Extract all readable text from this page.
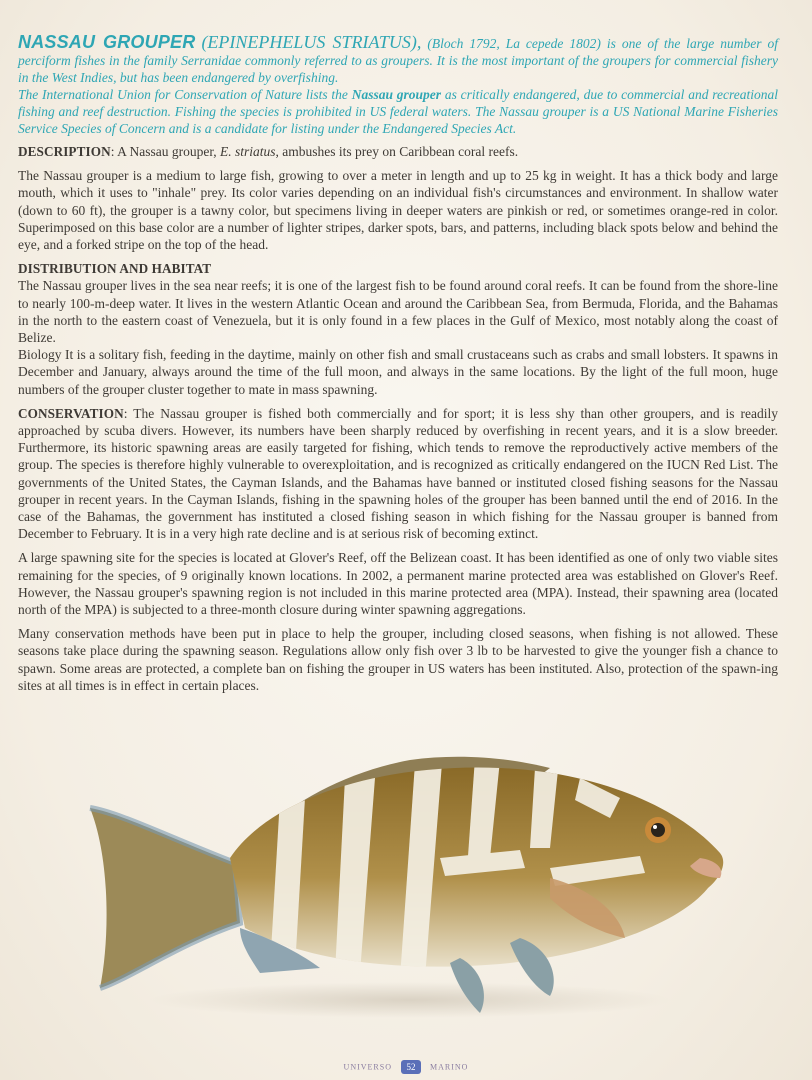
NASSAU GROUPER (EPINEPHELUS STRIATUS), (Bloch 1792, La cepede 1802) is one of the large number of perciform fishes in the family Serranidae commonly referred to as groupers. It is the most important of the groupers for commercial fishery in the West Indies, but has been endangered by overfishing.
The International Union for Conservation of Nature lists the Nassau grouper as critically endangered, due to commercial and recreational fishing and reef destruction. Fishing the species is prohibited in US federal waters. The Nassau grouper is a US National Marine Fisheries Service Species of Concern and is a candidate for listing under the Endangered Species Act.

DESCRIPTION: A Nassau grouper, E. striatus, ambushes its prey on Caribbean coral reefs.

The Nassau grouper is a medium to large fish, growing to over a meter in length and up to 25 kg in weight. It has a thick body and large mouth, which it uses to "inhale" prey. Its color varies depending on an individual fish's circumstances and environment. In shallow water (down to 60 ft), the grouper is a tawny color, but specimens living in deeper waters are pinkish or red, or sometimes orange-red in color. Superimposed on this base color are a number of lighter stripes, darker spots, bars, and patterns, including black spots below and behind the eye, and a forked stripe on the top of the head.

DISTRIBUTION AND HABITAT

The Nassau grouper lives in the sea near reefs; it is one of the largest fish to be found around coral reefs. It can be found from the shore-line to nearly 100-m-deep water. It lives in the western Atlantic Ocean and around the Caribbean Sea, from Bermuda, Florida, and the Bahamas in the north to the eastern coast of Venezuela, but it is only found in a few places in the Gulf of Mexico, most notably along the coast of Belize.

Biology It is a solitary fish, feeding in the daytime, mainly on other fish and small crustaceans such as crabs and small lobsters. It spawns in December and January, always around the time of the full moon, and always in the same locations. By the light of the full moon, huge numbers of the grouper cluster together to mate in mass spawning.

CONSERVATION: The Nassau grouper is fished both commercially and for sport; it is less shy than other groupers, and is readily approached by scuba divers. However, its numbers have been sharply reduced by overfishing in recent years, and it is a slow breeder. Furthermore, its historic spawning areas are easily targeted for fishing, which tends to remove the reproductively active members of the group. The species is therefore highly vulnerable to overexploitation, and is recognized as critically endangered on the IUCN Red List. The governments of the United States, the Cayman Islands, and the Bahamas have banned or instituted closed fishing seasons for the Nassau grouper in recent years. In the Cayman Islands, fishing in the spawning holes of the grouper has been banned until the end of 2016. In the case of the Bahamas, the government has instituted a closed fishing season in which fishing for the Nassau grouper is banned from December to February. It is in a very high rate decline and is at serious risk of becoming extinct.

A large spawning site for the species is located at Glover's Reef, off the Belizean coast. It has been identified as one of only two viable sites remaining for the species, of 9 originally known locations. In 2002, a permanent marine protected area was established on Glover's Reef. However, the Nassau grouper's spawning region is not included in this marine protected area (MPA). Instead, their spawning area (located north of the MPA) is subjected to a three-month closure during winter spawning aggregations.

Many conservation methods have been put in place to help the grouper, including closed seasons, when fishing is not allowed. These seasons take place during the spawning season. Regulations allow only fish over 3 lb to be harvested to give the younger fish a chance to spawn. Some areas are protected, a complete ban on fishing the grouper in US waters has been instituted. Also, protection of the spawn-ing sites at all times is in effect in certain places.

UNIVERSO 52 MARINO
